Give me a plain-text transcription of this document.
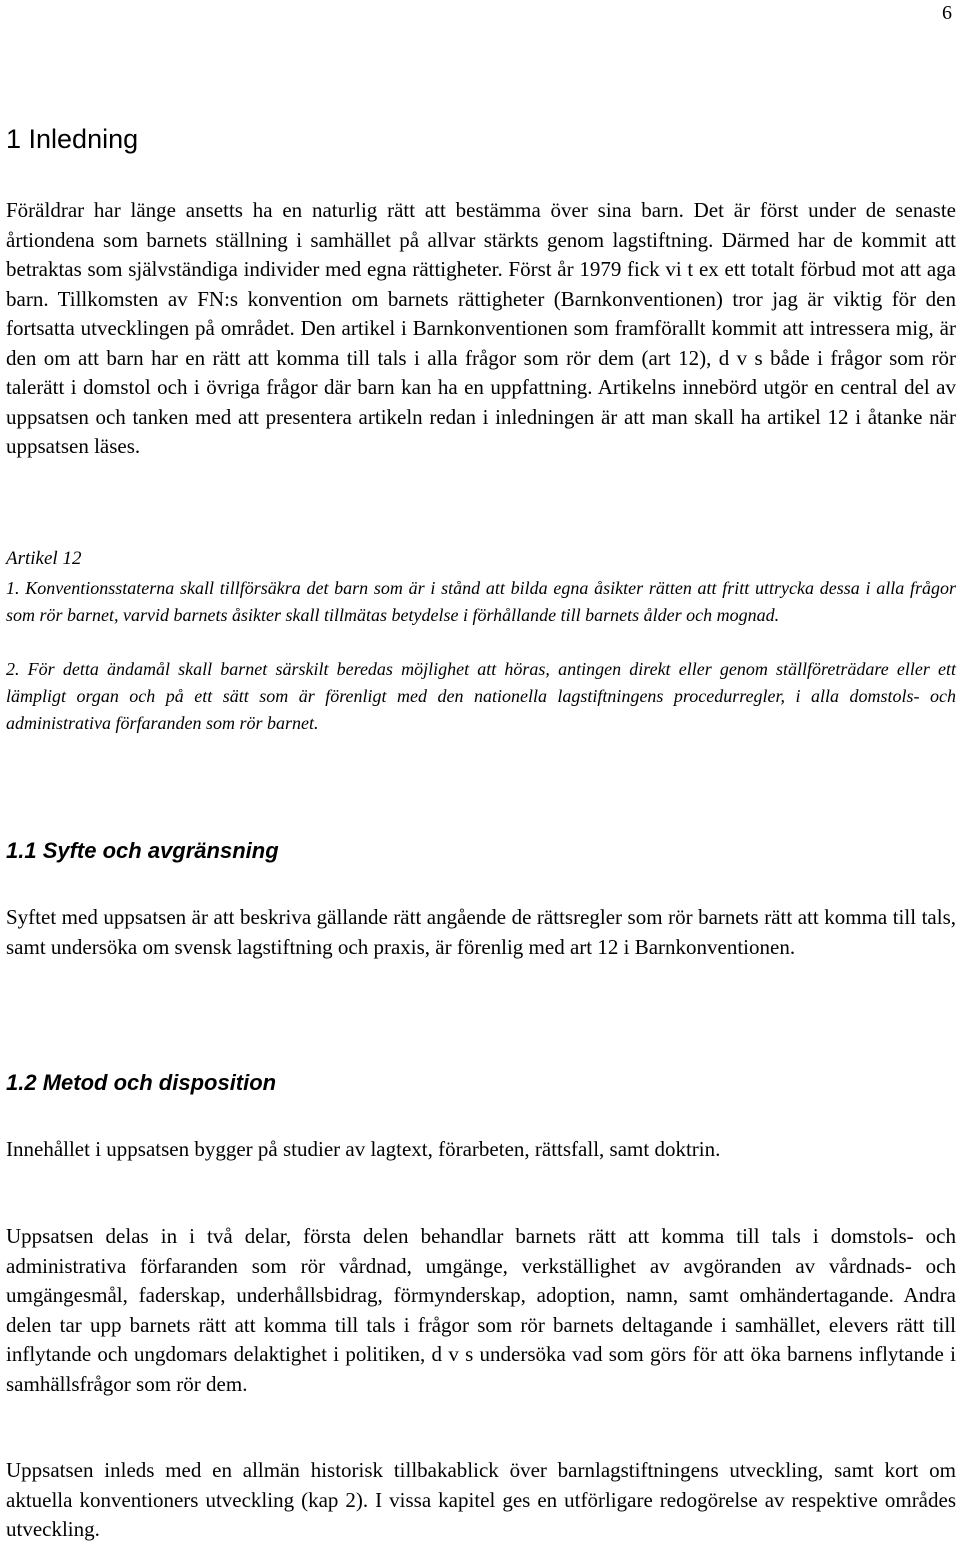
6
1 Inledning

Föräldrar har länge ansetts ha en naturlig rätt att bestämma över sina barn. Det är först under de senaste årtiondena som barnets ställning i samhället på allvar stärkts genom lagstiftning. Därmed har de kommit att betraktas som självständiga individer med egna rättigheter. Först år 1979 fick vi t ex ett totalt förbud mot att aga barn. Tillkomsten av FN:s konvention om barnets rättigheter (Barnkonventionen) tror jag är viktig för den fortsatta utvecklingen på området. Den artikel i Barnkonventionen som framförallt kommit att intressera mig, är den om att barn har en rätt att komma till tals i alla frågor som rör dem (art 12), d v s både i frågor som rör talerätt i domstol och i övriga frågor där barn kan ha en uppfattning. Artikelns innebörd utgör en central del av uppsatsen och tanken med att presentera artikeln redan i inledningen är att man skall ha artikel 12 i åtanke när uppsatsen läses.

Artikel 12

1. Konventionsstaterna skall tillförsäkra det barn som är i stånd att bilda egna åsikter rätten att fritt uttrycka dessa i alla frågor som rör barnet, varvid barnets åsikter skall tillmätas betydelse i förhållande till barnets ålder och mognad.

2. För detta ändamål skall barnet särskilt beredas möjlighet att höras, antingen direkt eller genom ställföreträdare eller ett lämpligt organ och på ett sätt som är förenligt med den nationella lagstiftningens procedurregler, i alla domstols- och administrativa förfaranden som rör barnet.

1.1 Syfte och avgränsning

Syftet med uppsatsen är att beskriva gällande rätt angående de rättsregler som rör barnets rätt att komma till tals, samt undersöka om svensk lagstiftning och praxis, är förenlig med art 12 i Barnkonventionen.

1.2 Metod och disposition

Innehållet i uppsatsen bygger på studier av lagtext, förarbeten, rättsfall, samt doktrin.

Uppsatsen delas in i två delar, första delen behandlar barnets rätt att komma till tals i domstols- och administrativa förfaranden som rör vårdnad, umgänge, verkställighet av avgöranden av vårdnads- och umgängesmål, faderskap, underhållsbidrag, förmynderskap, adoption, namn, samt omhändertagande. Andra delen tar upp barnets rätt att komma till tals i frågor som rör barnets deltagande i samhället, elevers rätt till inflytande och ungdomars delaktighet i politiken, d v s undersöka vad som görs för att öka barnens inflytande i samhällsfrågor som rör dem.

Uppsatsen inleds med en allmän historisk tillbakablick över barnlagstiftningens utveckling, samt kort om aktuella konventioners utveckling (kap 2). I vissa kapitel ges en utförligare redogörelse av respektive områdes utveckling.
